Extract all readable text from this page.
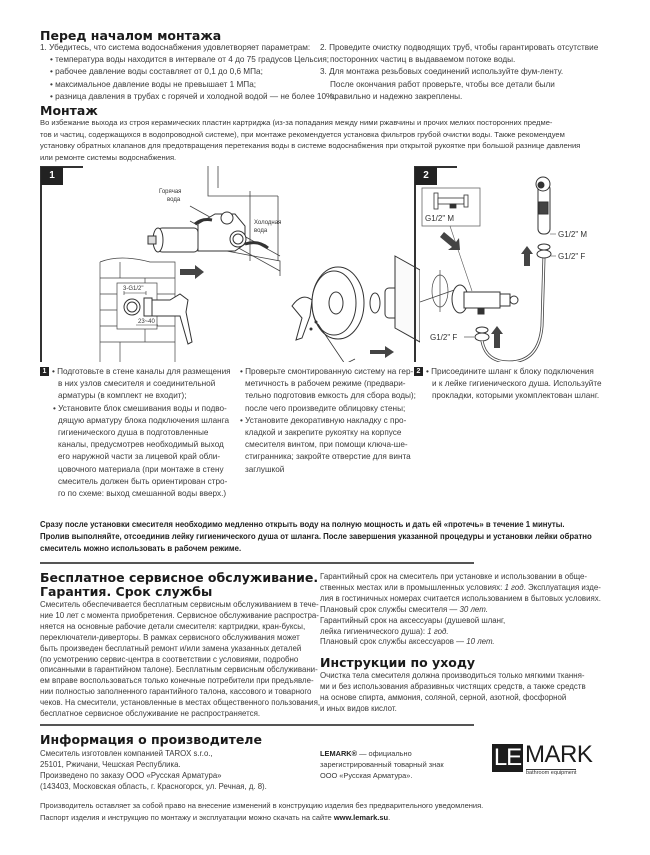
Перед началом монтажа

1. Убедитесь, что система водоснабжения удовлетворяет параметрам:

• температура воды находится в интервале от 4 до 75 градусов Цельсия;

• рабочее давление воды составляет от 0,1 до 0,6 МПа;

• максимальное давление воды не превышает 1 МПа;

• разница давления в трубах с горячей и холодной водой — не более 10%.

2. Проведите очистку подводящих труб, чтобы гарантировать отсутствие

посторонних частиц в выдаваемом потоке воды.

3. Для монтажа резьбовых соединений используйте фум-ленту.

После окончания работ проверьте, чтобы все детали были

правильно и надежно закреплены.

Монтаж

Во избежание выхода из строя керамических пластин картриджа (из-за попадания между ними ржавчины и прочих мелких посторонних предме-

тов и частиц, содержащихся в водопроводной системе), при монтаже рекомендуется установка фильтров грубой очистки воды. Также рекомендуем

установку обратных клапанов для предотвращения перетекания воды в системе водоснабжения при открытой рукоятке при большой разнице давления

или ремонте системы водоснабжения.

1
Горячая
вода
Холодная
вода
3-G1/2"
23~40
2
G1/2" M
G1/2" F
G1/2" M
G1/2" F

1 • Подготовьте в стене каналы для размещения

в них узлов смесителя и соединительной

арматуры (в комплект не входит);

• Установите блок смешивания воды и подво-

дящую арматуру блока подключения шланга

гигиенического душа в подготовленные

каналы, предусмотрев необходимый выход

его наружной части за лицевой край обли-

цовочного материала (при монтаже в стену

смеситель должен быть ориентирован стро-

го по схеме: выход смешанной воды вверх.)

• Проверьте смонтированную систему на гер-

метичность в рабочем режиме (предвари-

тельно подготовив емкость для сбора воды);

после чего произведите облицовку стены;

• Установите декоративную накладку с про-

кладкой и закрепите рукоятку на корпусе

смесителя винтом, при помощи ключа-ше-

стигранника; закройте отверстие для винта

заглушкой

2 • Присоедините шланг к блоку подключения

и к лейке гигиенического душа. Используйте

прокладки, которыми укомплектован шланг.

Сразу после установки смесителя необходимо медленно открыть воду на полную мощность и дать ей «протечь» в течение 1 минуты.

Пролив выполняйте, отсоединив лейку гигиенического душа от шланга. После завершения указанной процедуры и установки лейки обратно

смеситель можно использовать в рабочем режиме.

Бесплатное сервисное обслуживание.
Гарантия. Срок службы

Смеситель обеспечивается бесплатным сервисным обслуживанием в тече-

ние 10 лет с момента приобретения. Сервисное обслуживание распростра-

няется на основные рабочие детали смесителя: картриджи, кран-буксы,

переключатели-дивертoры. В рамках сервисного обслуживания может

быть произведен бесплатный ремонт и/или замена указанных деталей

(по усмотрению сервис-центра в соответствии с условиями, подробно

описанными в гарантийном талоне). Бесплатным сервисным обслуживани-

ем вправе воспользоваться только конечные потребители при предъявле-

нии полностью заполненного гарантийного талона, кассового и товарного

чеков. На смесители, установленные в местах общественного пользования,

бесплатное сервисное обслуживание не распространяется.

Гарантийный срок на смеситель при установке и использовании в обще-

ственных местах или в промышленных условиях: 1 год. Эксплуатация изде-

лия в гостиничных номерах считается использованием в бытовых условиях.

Плановый срок службы смесителя — 30 лет.

Гарантийный срок на аксессуары (душевой шланг,

лейка гигиенического душа): 1 год.

Плановый срок службы аксессуаров — 10 лет.

Инструкции по уходу

Очистка тела смесителя должна производиться только мягкими ткання-

ми и без использования абразивных чистящих средств, а также средств

на основе спирта, аммония, соляной, серной, азотной, фосфорной

и иных видов кислот.

Информация о производителе

Смеситель изготовлен компанией TAROX s.r.o.,

25101, Ржичани, Чешская Республика.

Произведено по заказу ООО «Русская Арматура»

(143403, Московская область, г. Красногорск, ул. Речная, д. 8).

LEMARK® — официально

зарегистрированный товарный знак

ООО «Русская Арматура».

LE MARK
bathroom equipment

Производитель оставляет за собой право на внесение изменений в конструкцию изделия без предварительного уведомления.

Паспорт изделия и инструкцию по монтажу и эксплуатации можно скачать на сайте www.lemark.su.
